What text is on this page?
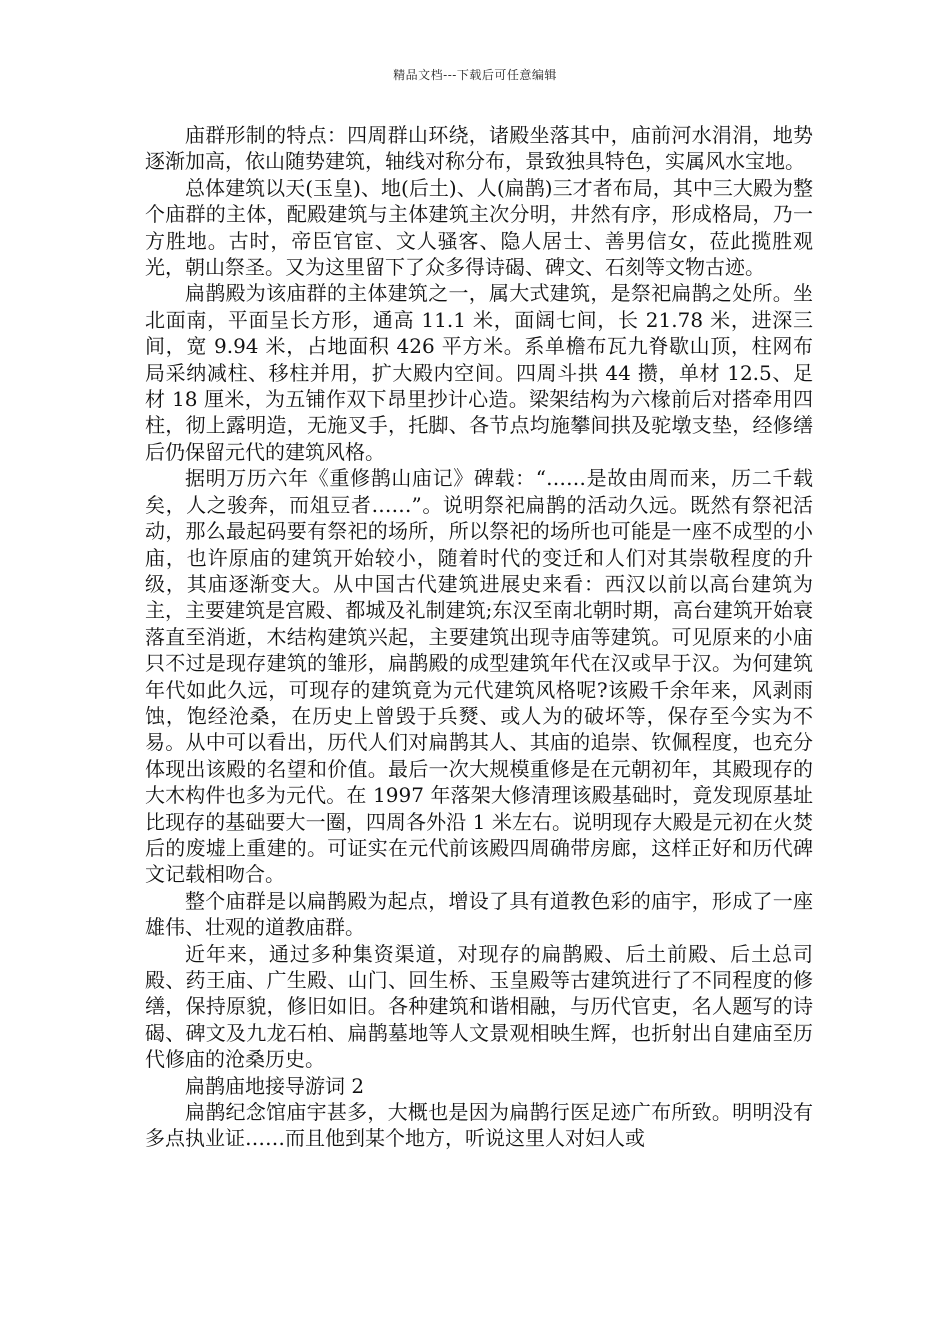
精品文档---下载后可任意编辑

庙群形制的特点：四周群山环绕，诸殿坐落其中，庙前河水涓涓，地势逐渐加高，依山随势建筑，轴线对称分布，景致独具特色，实属风水宝地。

总体建筑以天(玉皇)、地(后土)、人(扁鹊)三才者布局，其中三大殿为整个庙群的主体，配殿建筑与主体建筑主次分明，井然有序，形成格局，乃一方胜地。古时，帝臣官宦、文人骚客、隐人居士、善男信女，莅此揽胜观光，朝山祭圣。又为这里留下了众多得诗碣、碑文、石刻等文物古迹。

扁鹊殿为该庙群的主体建筑之一，属大式建筑，是祭祀扁鹊之处所。坐北面南，平面呈长方形，通高 11.1 米，面阔七间，长 21.78 米，进深三间，宽 9.94 米，占地面积 426 平方米。系单檐布瓦九脊歇山顶，柱网布局采纳减柱、移柱并用，扩大殿内空间。四周斗拱 44 攒，单材 12.5、足材 18 厘米，为五铺作双下昂里抄计心造。梁架结构为六椽前后对搭牵用四柱，彻上露明造，无施叉手，托脚、各节点均施攀间拱及驼墩支垫，经修缮后仍保留元代的建筑风格。

据明万历六年《重修鹊山庙记》碑载：“……是故由周而来，历二千载矣，人之骏奔，而俎豆者……”。说明祭祀扁鹊的活动久远。既然有祭祀活动，那么最起码要有祭祀的场所，所以祭祀的场所也可能是一座不成型的小庙，也许原庙的建筑开始较小，随着时代的变迁和人们对其崇敬程度的升级，其庙逐渐变大。从中国古代建筑进展史来看：西汉以前以高台建筑为主，主要建筑是宫殿、都城及礼制建筑;东汉至南北朝时期，高台建筑开始衰落直至消逝，木结构建筑兴起，主要建筑出现寺庙等建筑。可见原来的小庙只不过是现存建筑的雏形，扁鹊殿的成型建筑年代在汉或早于汉。为何建筑年代如此久远，可现存的建筑竟为元代建筑风格呢?该殿千余年来，风剥雨蚀，饱经沧桑，在历史上曾毁于兵燹、或人为的破坏等，保存至今实为不易。从中可以看出，历代人们对扁鹊其人、其庙的追崇、钦佩程度，也充分体现出该殿的名望和价值。最后一次大规模重修是在元朝初年，其殿现存的大木构件也多为元代。在 1997 年落架大修清理该殿基础时，竟发现原基址比现存的基础要大一圈，四周各外沿 1 米左右。说明现存大殿是元初在火焚后的废墟上重建的。可证实在元代前该殿四周确带房廊，这样正好和历代碑文记载相吻合。

整个庙群是以扁鹊殿为起点，增设了具有道教色彩的庙宇，形成了一座雄伟、壮观的道教庙群。

近年来，通过多种集资渠道，对现存的扁鹊殿、后土前殿、后土总司殿、药王庙、广生殿、山门、回生桥、玉皇殿等古建筑进行了不同程度的修缮，保持原貌，修旧如旧。各种建筑和谐相融，与历代官吏，名人题写的诗碣、碑文及九龙石柏、扁鹊墓地等人文景观相映生辉，也折射出自建庙至历代修庙的沧桑历史。

扁鹊庙地接导游词 2

扁鹊纪念馆庙宇甚多，大概也是因为扁鹊行医足迹广布所致。明明没有多点执业证……而且他到某个地方，听说这里人对妇人或
